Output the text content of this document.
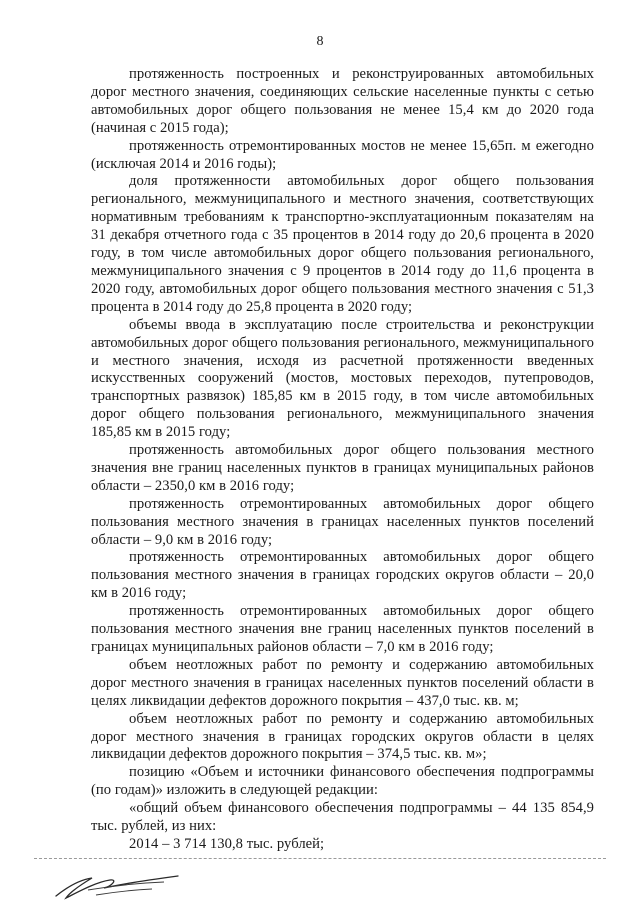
8

протяженность построенных и реконструированных автомобильных дорог местного значения, соединяющих сельские населенные пункты с сетью автомобильных дорог общего пользования не менее 15,4 км до 2020 года (начиная с 2015 года);

протяженность отремонтированных мостов не менее 15,65п. м ежегодно (исключая 2014 и 2016 годы);

доля протяженности автомобильных дорог общего пользования регионального, межмуниципального и местного значения, соответствующих нормативным требованиям к транспортно-эксплуатационным показателям на 31 декабря отчетного года с 35 процентов в 2014 году до 20,6 процента в 2020 году, в том числе автомобильных дорог общего пользования регионального, межмуниципального значения с 9 процентов в 2014 году до 11,6 процента в 2020 году, автомобильных дорог общего пользования местного значения с 51,3 процента в 2014 году до 25,8 процента в 2020 году;

объемы ввода в эксплуатацию после строительства и реконструкции автомобильных дорог общего пользования регионального, межмуниципального и местного значения, исходя из расчетной протяженности введенных искусственных сооружений (мостов, мостовых переходов, путепроводов, транспортных развязок) 185,85 км в 2015 году, в том числе автомобильных дорог общего пользования регионального, межмуниципального значения 185,85 км в 2015 году;

протяженность автомобильных дорог общего пользования местного значения вне границ населенных пунктов в границах муниципальных районов области – 2350,0 км в 2016 году;

протяженность отремонтированных автомобильных дорог общего пользования местного значения в границах населенных пунктов поселений области – 9,0 км в 2016 году;

протяженность отремонтированных автомобильных дорог общего пользования местного значения в границах городских округов области – 20,0 км в 2016 году;

протяженность отремонтированных автомобильных дорог общего пользования местного значения вне границ населенных пунктов поселений в границах муниципальных районов области – 7,0 км в 2016 году;

объем неотложных работ по ремонту и содержанию автомобильных дорог местного значения в границах населенных пунктов поселений области в целях ликвидации дефектов дорожного покрытия – 437,0 тыс. кв. м;

объем неотложных работ по ремонту и содержанию автомобильных дорог местного значения в границах городских округов области в целях ликвидации дефектов дорожного покрытия – 374,5 тыс. кв. м»;

позицию «Объем и источники финансового обеспечения подпрограммы (по годам)» изложить в следующей редакции:

«общий объем финансового обеспечения подпрограммы – 44 135 854,9 тыс. рублей, из них:

2014 – 3 714 130,8 тыс. рублей;
